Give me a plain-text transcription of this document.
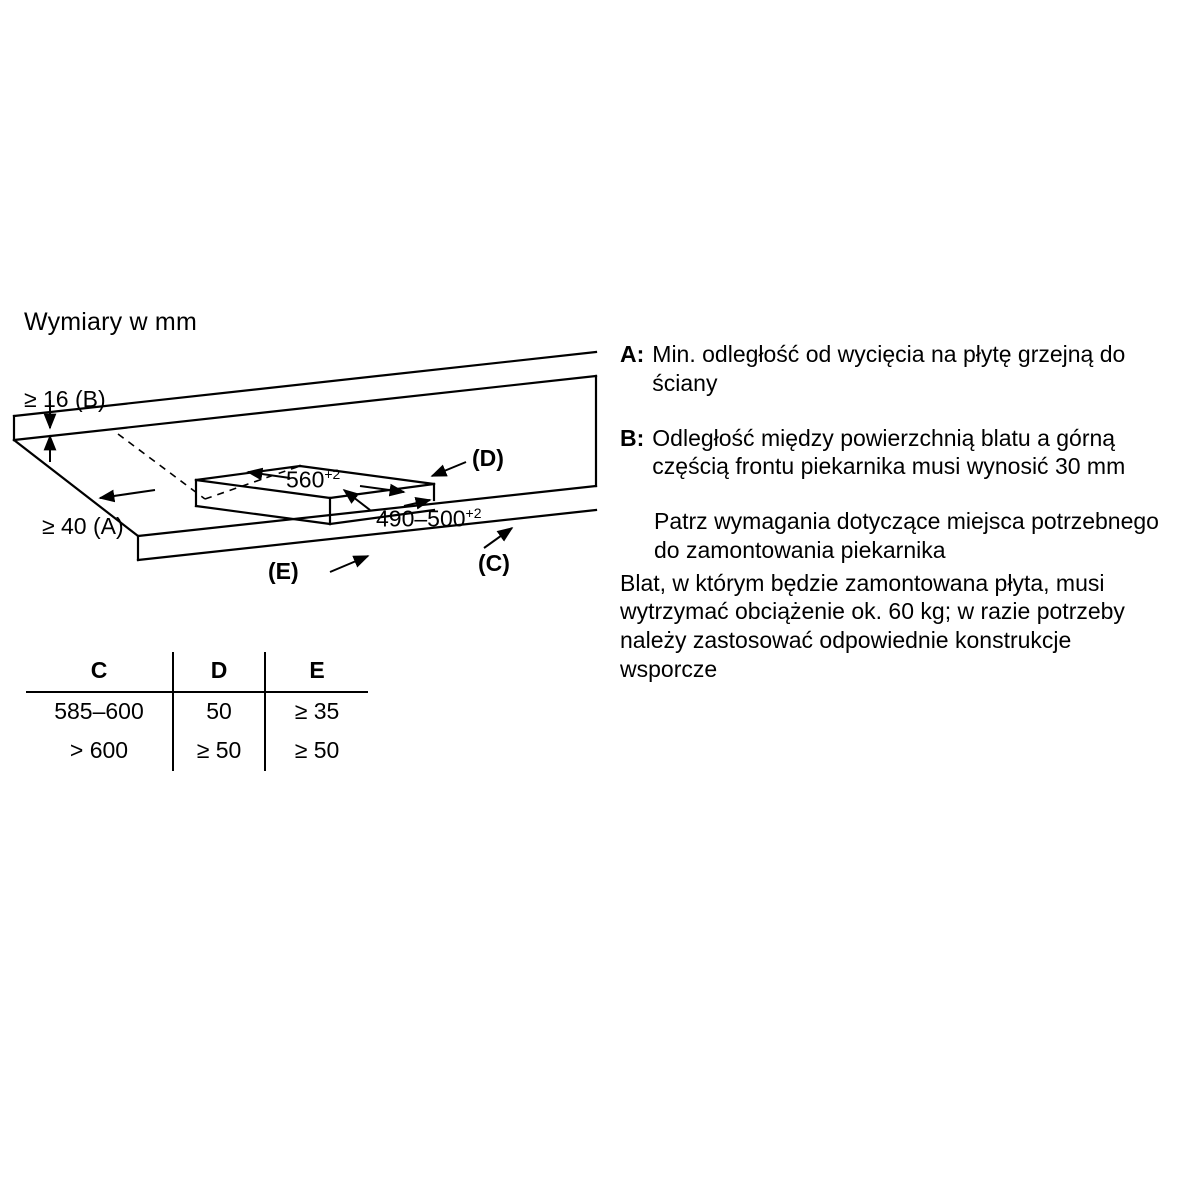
Wymiary w mm
≥ 16 (B)
≥ 40 (A)
$560^{+2}$
$490-500^{+2}$
(D)
(C)
(E)
C	D	E
585–600	50	≥ 35
> 600	≥ 50	≥ 50
A: Min. odległość od wycięcia na płytę grzejną do ściany
B: Odległość między powierzchnią blatu a górną częścią frontu piekarnika musi wynosić 30 mm
Patrz wymagania dotyczące miejsca potrzebnego do zamontowania piekarnika
Blat, w którym będzie zamontowana płyta, musi wytrzymać obciążenie ok. 60 kg; w razie potrzeby należy zastosować odpowiednie konstrukcje wsporcze
